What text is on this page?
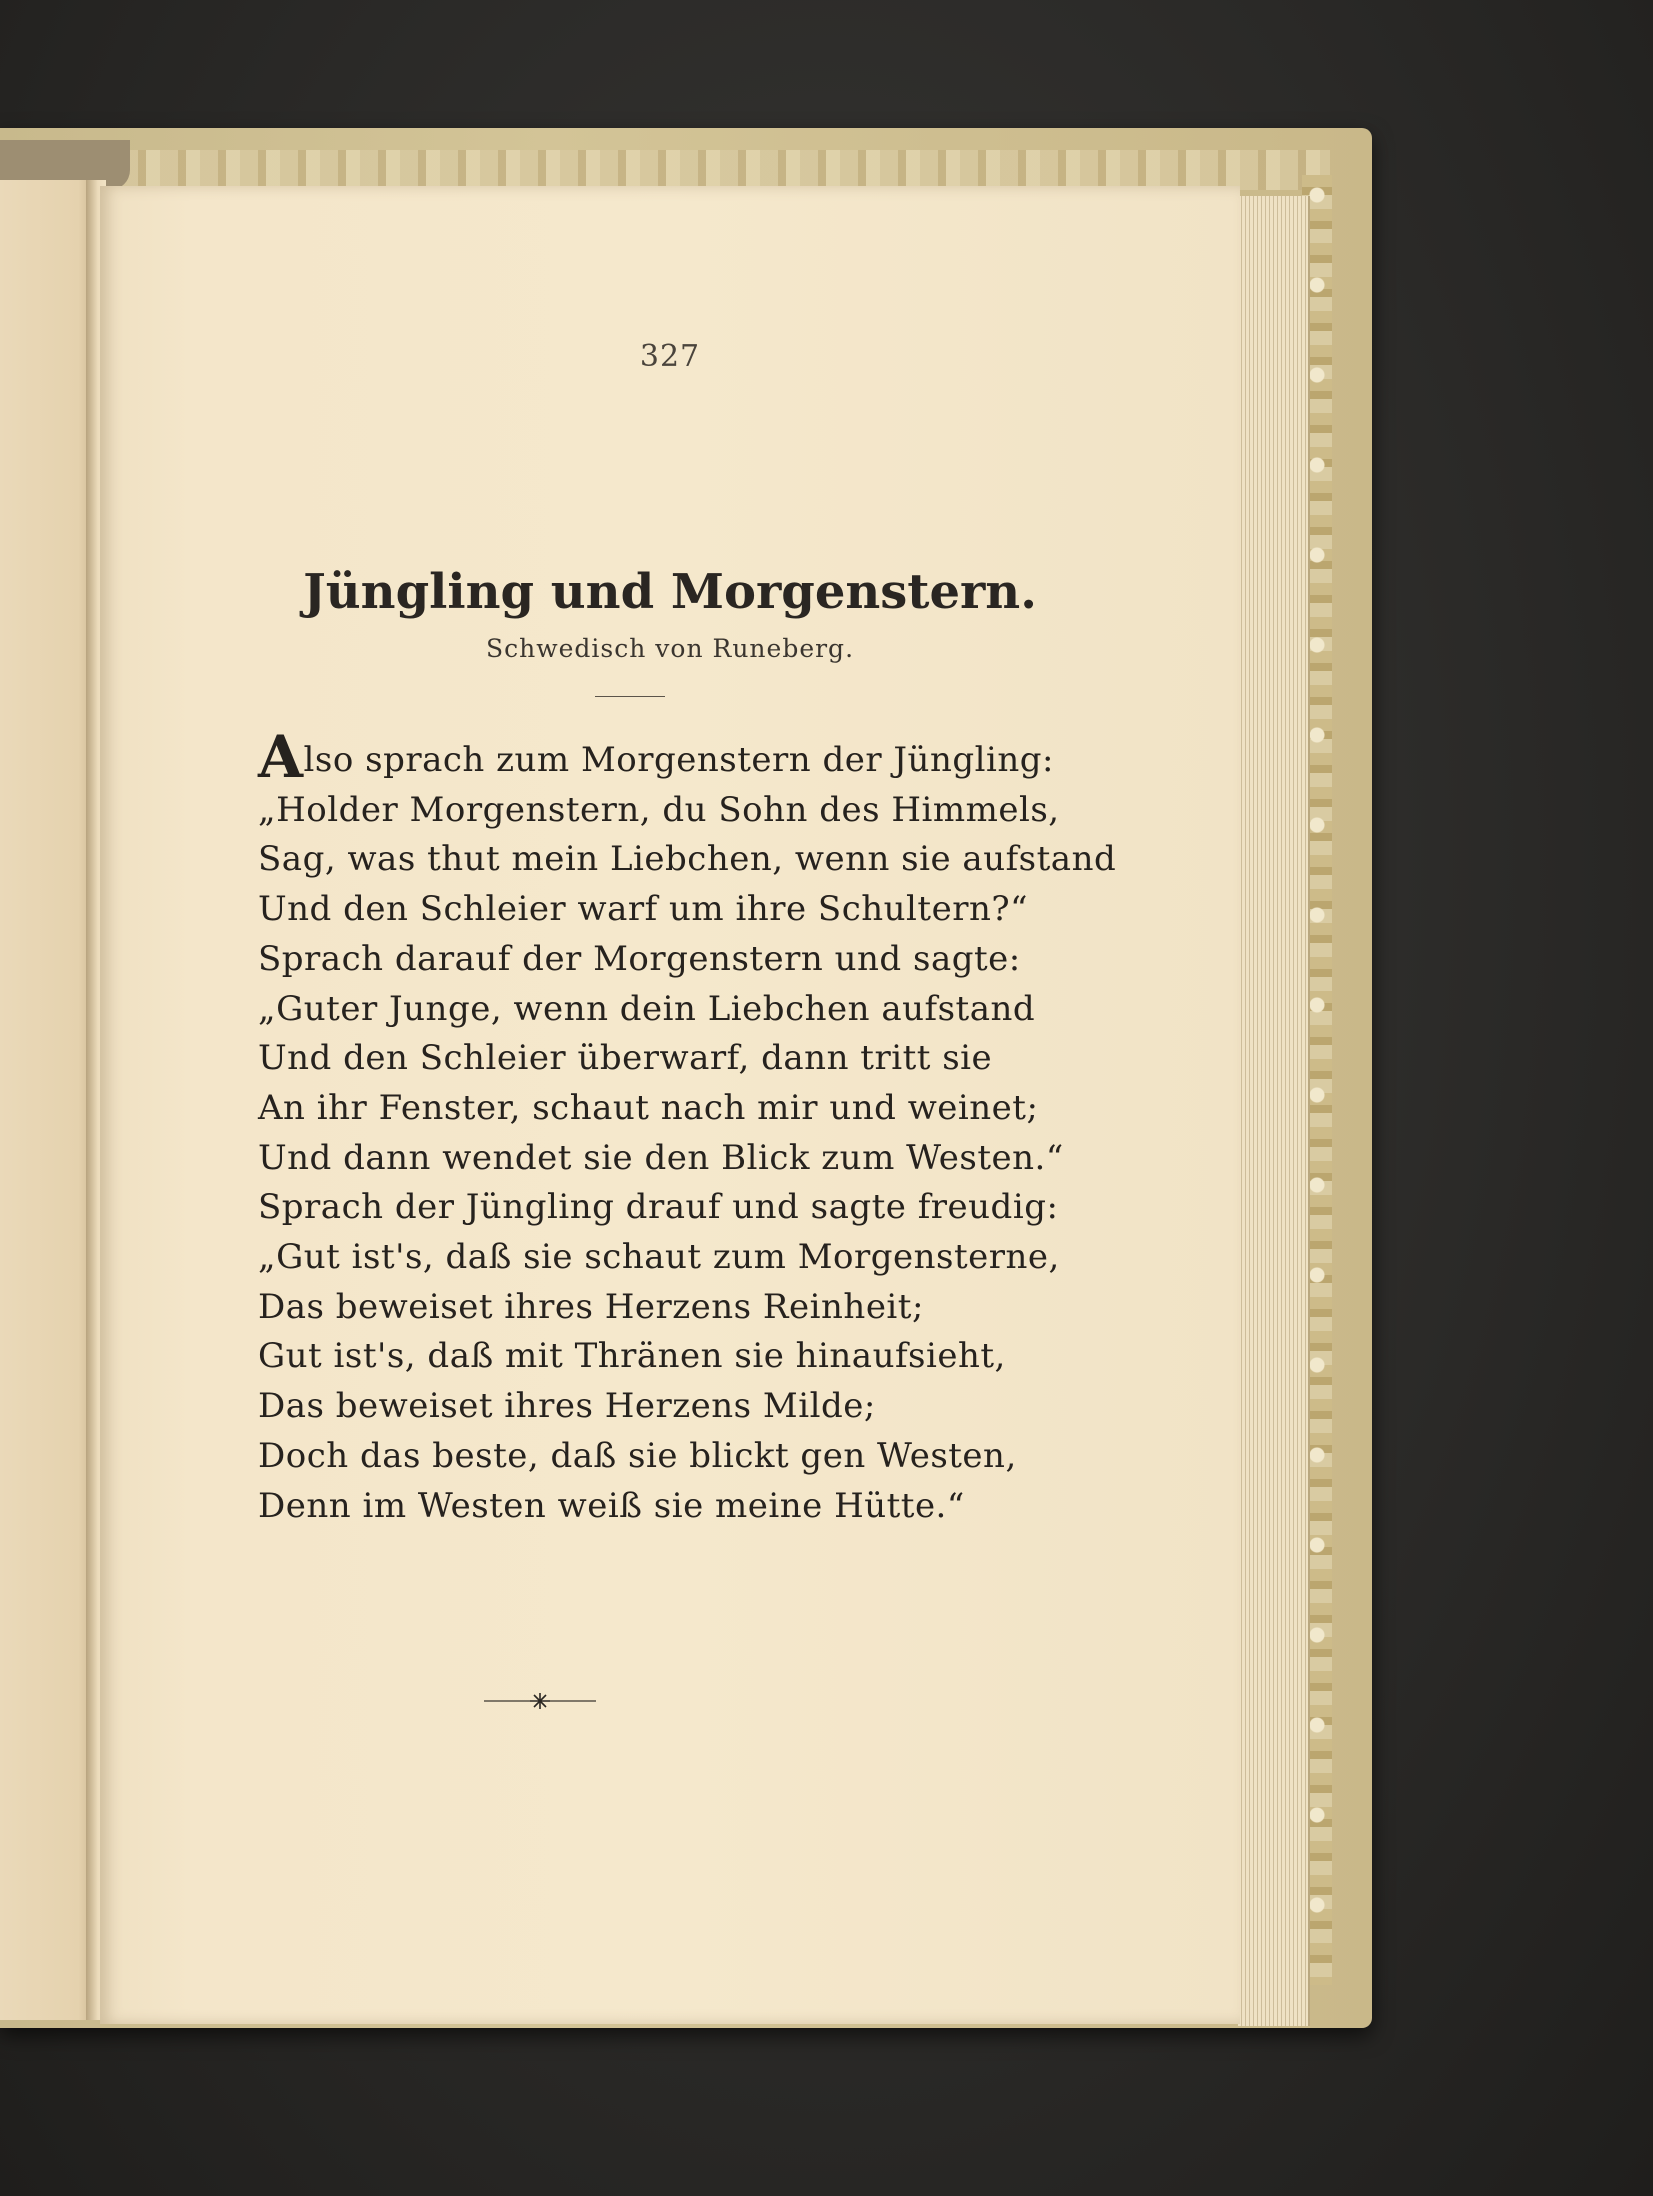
327
Jüngling und Morgenstern.
Schwedisch von Runeberg.
Also sprach zum Morgenstern der Jüngling:
„Holder Morgenstern, du Sohn des Himmels,
Sag, was thut mein Liebchen, wenn sie aufstand
Und den Schleier warf um ihre Schultern?“
Sprach darauf der Morgenstern und sagte:
„Guter Junge, wenn dein Liebchen aufstand
Und den Schleier überwarf, dann tritt sie
An ihr Fenster, schaut nach mir und weinet;
Und dann wendet sie den Blick zum Westen.“
Sprach der Jüngling drauf und sagte freudig:
„Gut ist's, daß sie schaut zum Morgensterne,
Das beweiset ihres Herzens Reinheit;
Gut ist's, daß mit Thränen sie hinaufsieht,
Das beweiset ihres Herzens Milde;
Doch das beste, daß sie blickt gen Westen,
Denn im Westen weiß sie meine Hütte.“
